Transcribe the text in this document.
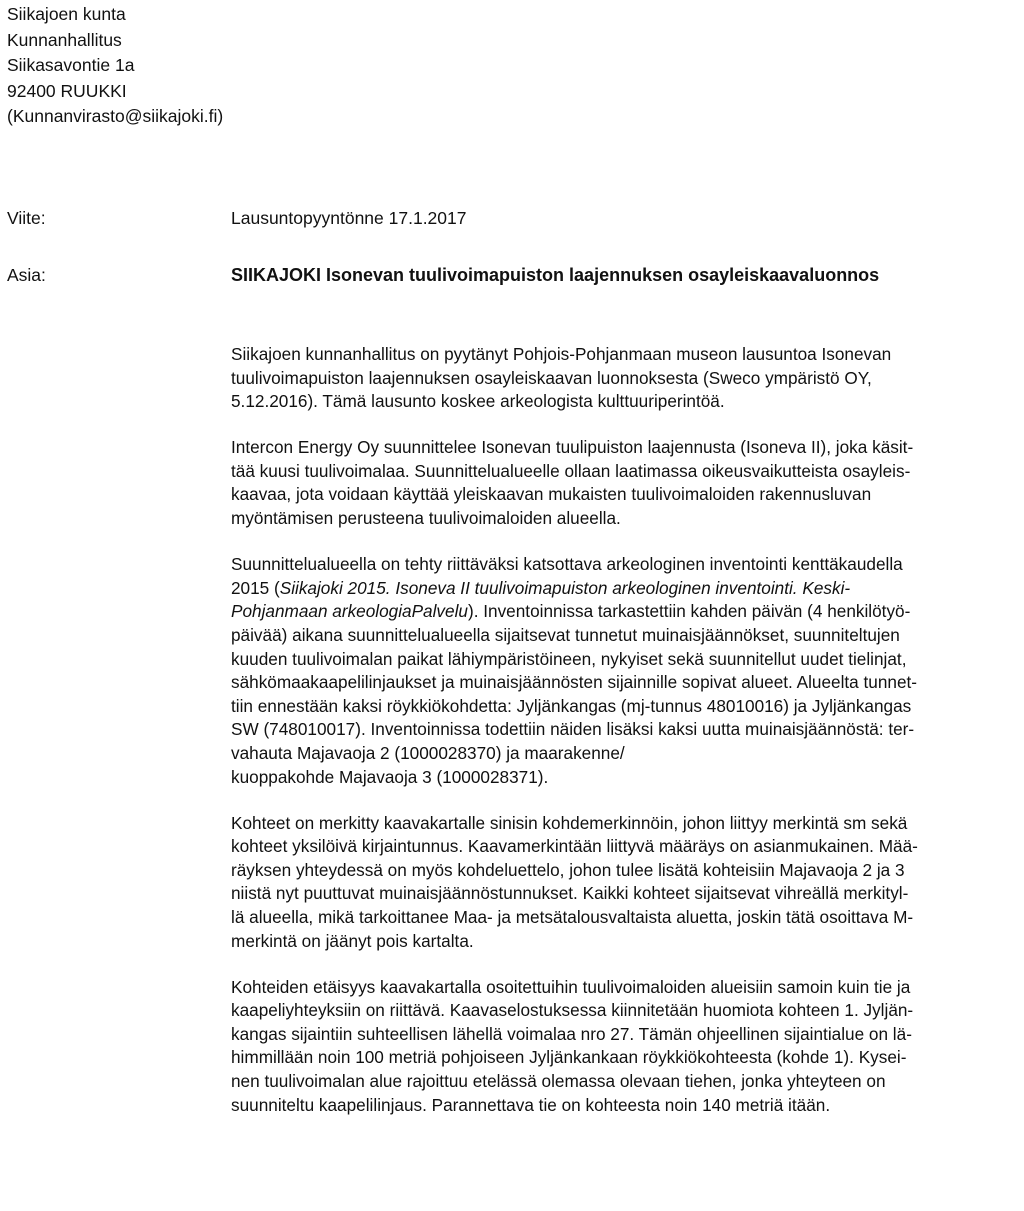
Siikajoen kunta
Kunnanhallitus
Siikasavontie 1a
92400 RUUKKI
(Kunnanvirasto@siikajoki.fi)
Viite:	Lausuntopyyntönne 17.1.2017
Asia:	SIIKAJOKI Isonevan tuulivoimapuiston laajennuksen osayleiskaavaluonnos

Siikajoen kunnanhallitus on pyytänyt Pohjois-Pohjanmaan museon lausuntoa Isonevan
tuulivoimapuiston laajennuksen osayleiskaavan luonnoksesta (Sweco ympäristö OY,
5.12.2016). Tämä lausunto koskee arkeologista kulttuuriperintöä.

Intercon Energy Oy suunnittelee Isonevan tuulipuiston laajennusta (Isoneva II), joka käsit-
tää kuusi tuulivoimalaa. Suunnittelualueelle ollaan laatimassa oikeusvaikutteista osayleis-
kaavaa, jota voidaan käyttää yleiskaavan mukaisten tuulivoimaloiden rakennusluvan
myöntämisen perusteena tuulivoimaloiden alueella.

Suunnittelualueella on tehty riittäväksi katsottava arkeologinen inventointi kenttäkaudella
2015 (Siikajoki 2015. Isoneva II tuulivoimapuiston arkeologinen inventointi. Keski-
Pohjanmaan arkeologiaPalvelu). Inventoinnissa tarkastettiin kahden päivän (4 henkilötyö-
päivää) aikana suunnittelualueella sijaitsevat tunnetut muinaisjäännökset, suunniteltujen
kuuden tuulivoimalan paikat lähiympäristöineen, nykyiset sekä suunnitellut uudet tielinjat,
sähkömaakaapelilinjaukset ja muinaisjäännösten sijainnille sopivat alueet. Alueelta tunnet-
tiin ennestään kaksi röykkiökohdetta: Jyljänkangas (mj-tunnus 48010016) ja Jyljänkangas
SW (748010017). Inventoinnissa todettiin näiden lisäksi kaksi uutta muinaisjäännöstä: ter-
vahauta Majavaoja 2 (1000028370) ja maarakenne/
kuoppakohde Majavaoja 3 (1000028371).

Kohteet on merkitty kaavakartalle sinisin kohdemerkinnöin, johon liittyy merkintä sm sekä
kohteet yksilöivä kirjaintunnus. Kaavamerkintään liittyvä määräys on asianmukainen. Mää-
räyksen yhteydessä on myös kohdeluettelo, johon tulee lisätä kohteisiin Majavaoja 2 ja 3
niistä nyt puuttuvat muinaisjäännöstunnukset. Kaikki kohteet sijaitsevat vihreällä merkityl-
lä alueella, mikä tarkoittanee Maa- ja metsätalousvaltaista aluetta, joskin tätä osoittava M-
merkintä on jäänyt pois kartalta.

Kohteiden etäisyys kaavakartalla osoitettuihin tuulivoimaloiden alueisiin samoin kuin tie ja
kaapeliyhteyksiin on riittävä. Kaavaselostuksessa kiinnitetään huomiota kohteen 1. Jyljän-
kangas sijaintiin suhteellisen lähellä voimalaa nro 27. Tämän ohjeellinen sijaintialue on lä-
himmillään noin 100 metriä pohjoiseen Jyljänkankaan röykkiökohteesta (kohde 1). Kysei-
nen tuulivoimalan alue rajoittuu etelässä olemassa olevaan tiehen, jonka yhteyteen on
suunniteltu kaapelilinjaus. Parannettava tie on kohteesta noin 140 metriä itään.
